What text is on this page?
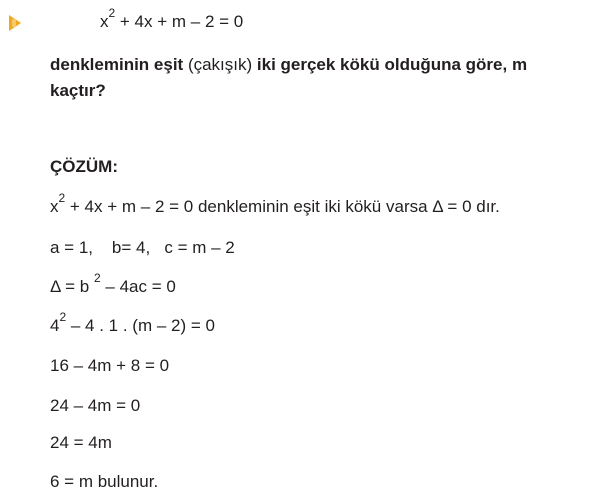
$x^2 + 4x + m - 2 = 0$
denkleminin eşit (çakışık) iki gerçek kökü olduğuna göre, m
kaçtır?
ÇÖZÜM:
$x^2 + 4x + m - 2 = 0$ denkleminin eşit iki kökü varsa Δ = 0 dır.
a = 1,    b= 4,   c = m – 2
Δ = b $^2$ – 4ac = 0
$4^2 - 4$ . 1 . (m – 2) = 0
16 – 4m + 8 = 0
24 – 4m = 0
24 = 4m
6 = m bulunur.
